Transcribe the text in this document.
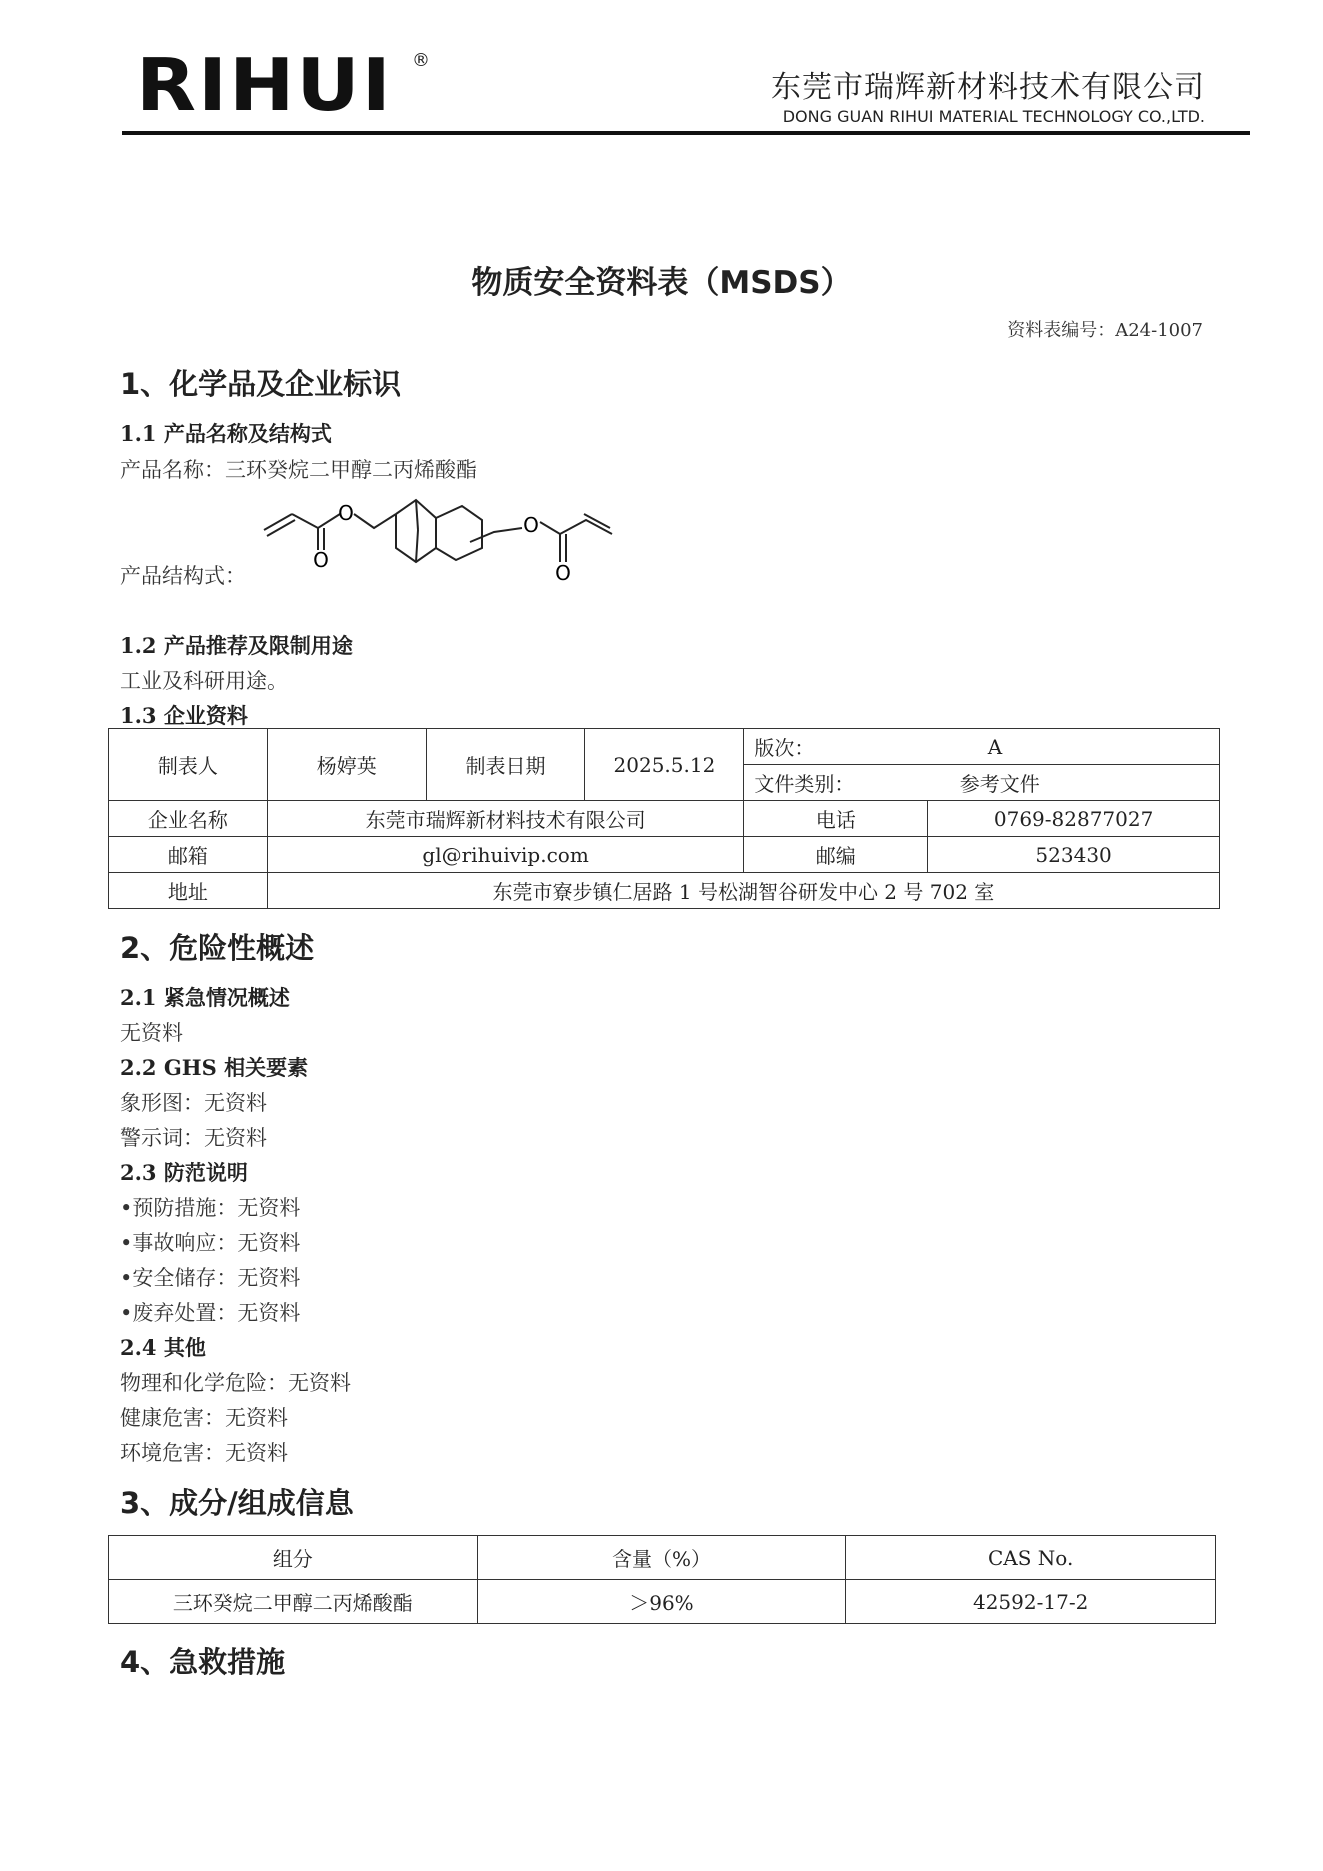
RIHUI ®
东莞市瑞辉新材料技术有限公司
DONG GUAN RIHUI MATERIAL TECHNOLOGY CO.,LTD.
物质安全资料表（MSDS）
资料表编号：A24-1007
1、化学品及企业标识
1.1 产品名称及结构式
产品名称：三环癸烷二甲醇二丙烯酸酯
产品结构式：
O
O
O
O
1.2 产品推荐及限制用途
工业及科研用途。
1.3 企业资料
制表人	杨婷英	制表日期	2025.5.12	版次：	A
				文件类别：	参考文件
企业名称	东莞市瑞辉新材料技术有限公司			电话	0769-82877027
邮箱	gl@rihuivip.com			邮编	523430
地址	东莞市寮步镇仁居路 1 号松湖智谷研发中心 2 号 702 室				
2、危险性概述
2.1 紧急情况概述
无资料
2.2 GHS 相关要素
象形图：无资料
警示词：无资料
2.3 防范说明
•预防措施：无资料
•事故响应：无资料
•安全储存：无资料
•废弃处置：无资料
2.4 其他
物理和化学危险：无资料
健康危害：无资料
环境危害：无资料
3、成分/组成信息
组分	含量（%）	CAS No.
三环癸烷二甲醇二丙烯酸酯	＞96%	42592-17-2
4、急救措施
